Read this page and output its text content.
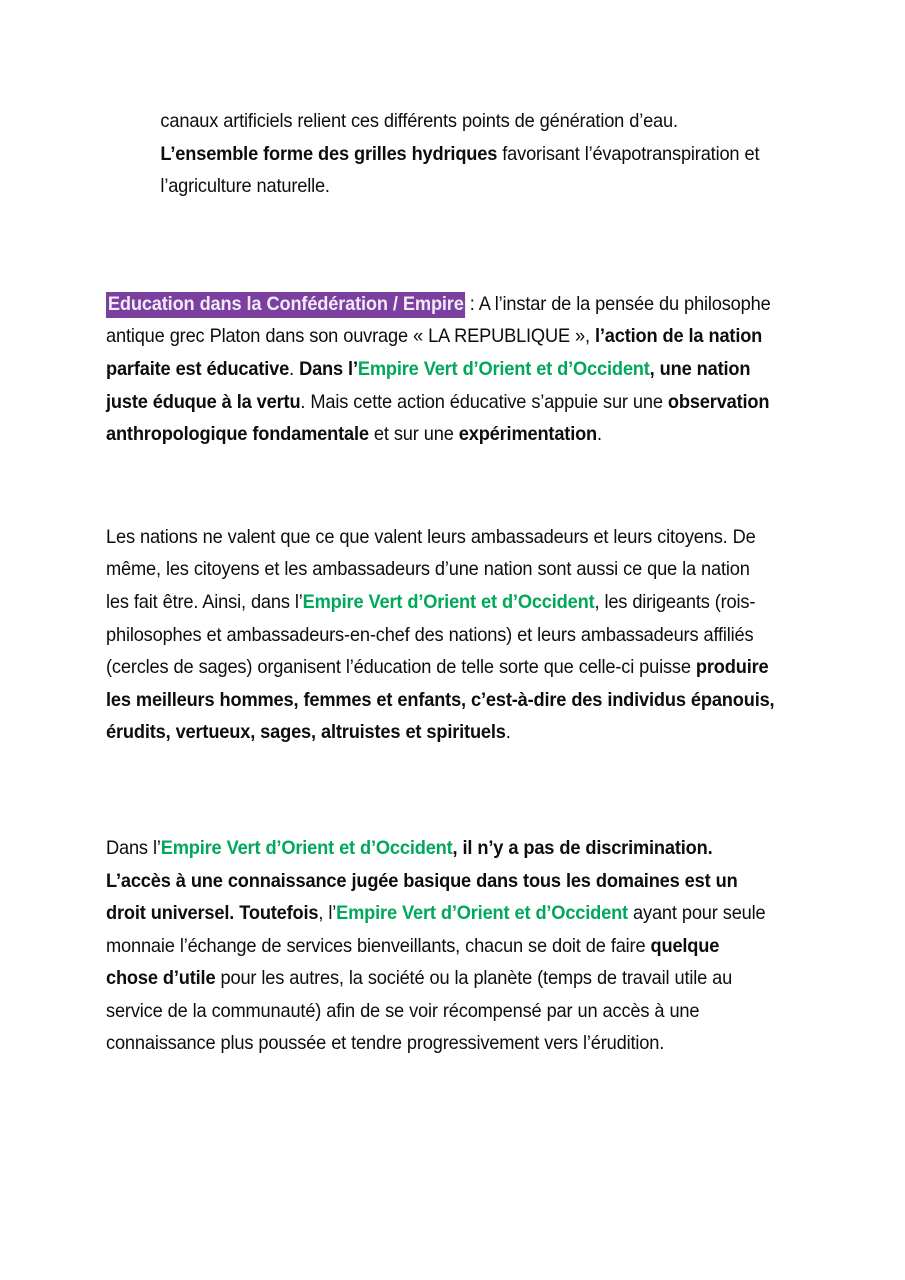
canaux artificiels relient ces différents points de génération d’eau. L’ensemble forme des grilles hydriques favorisant l’évapotranspiration et l’agriculture naturelle.

Education dans la Confédération / Empire : A l’instar de la pensée du philosophe antique grec Platon dans son ouvrage « LA REPUBLIQUE », l’action de la nation parfaite est éducative. Dans l’Empire Vert d’Orient et d’Occident, une nation juste éduque à la vertu. Mais cette action éducative s’appuie sur une observation anthropologique fondamentale et sur une expérimentation.

Les nations ne valent que ce que valent leurs ambassadeurs et leurs citoyens. De même, les citoyens et les ambassadeurs d’une nation sont aussi ce que la nation les fait être. Ainsi, dans l’Empire Vert d’Orient et d’Occident, les dirigeants (rois-philosophes et ambassadeurs-en-chef des nations) et leurs ambassadeurs affiliés (cercles de sages) organisent l’éducation de telle sorte que celle-ci puisse produire les meilleurs hommes, femmes et enfants, c’est-à-dire des individus épanouis, érudits, vertueux, sages, altruistes et spirituels.

Dans l’Empire Vert d’Orient et d’Occident, il n’y a pas de discrimination. L’accès à une connaissance jugée basique dans tous les domaines est un droit universel. Toutefois, l’Empire Vert d’Orient et d’Occident ayant pour seule monnaie l’échange de services bienveillants, chacun se doit de faire quelque chose d’utile pour les autres, la société ou la planète (temps de travail utile au service de la communauté) afin de se voir récompensé par un accès à une connaissance plus poussée et tendre progressivement vers l’érudition.
